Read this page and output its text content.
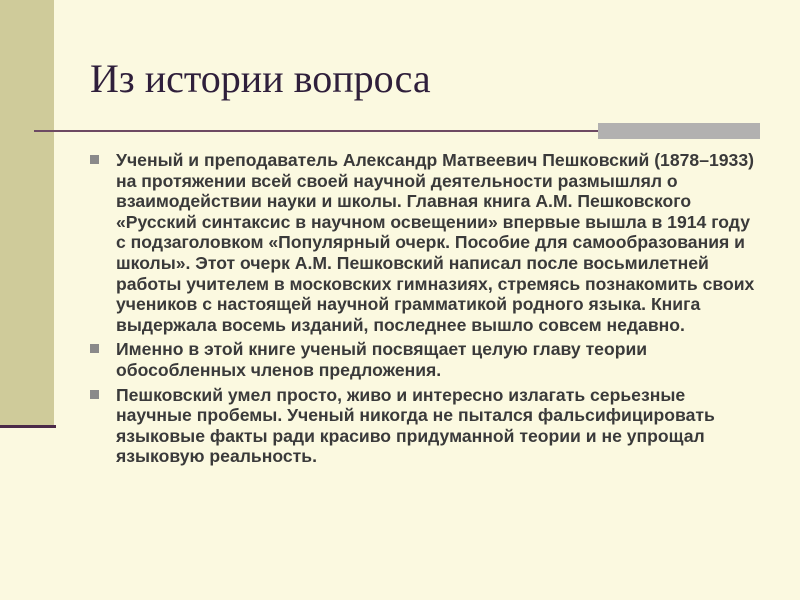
Из истории вопроса
Ученый и преподаватель Александр Матвеевич Пешковский (1878–1933) на протяжении всей своей научной деятельности размышлял о взаимодействии науки и школы. Главная книга А.М. Пешковского «Русский синтаксис в научном освещении» впервые вышла в 1914 году с подзаголовком «Популярный очерк. Пособие для самообразования и школы». Этот очерк А.М. Пешковский написал после восьмилетней работы учителем в московских гимназиях, стремясь познакомить своих учеников с настоящей научной грамматикой родного языка. Книга выдержала восемь изданий, последнее вышло совсем недавно.
Именно в этой книге ученый посвящает целую главу теории обособленных членов предложения.
Пешковский умел просто, живо и интересно излагать серьезные научные пробемы. Ученый никогда не пытался фальсифицировать языковые факты ради красиво придуманной теории и не упрощал языковую реальность.
